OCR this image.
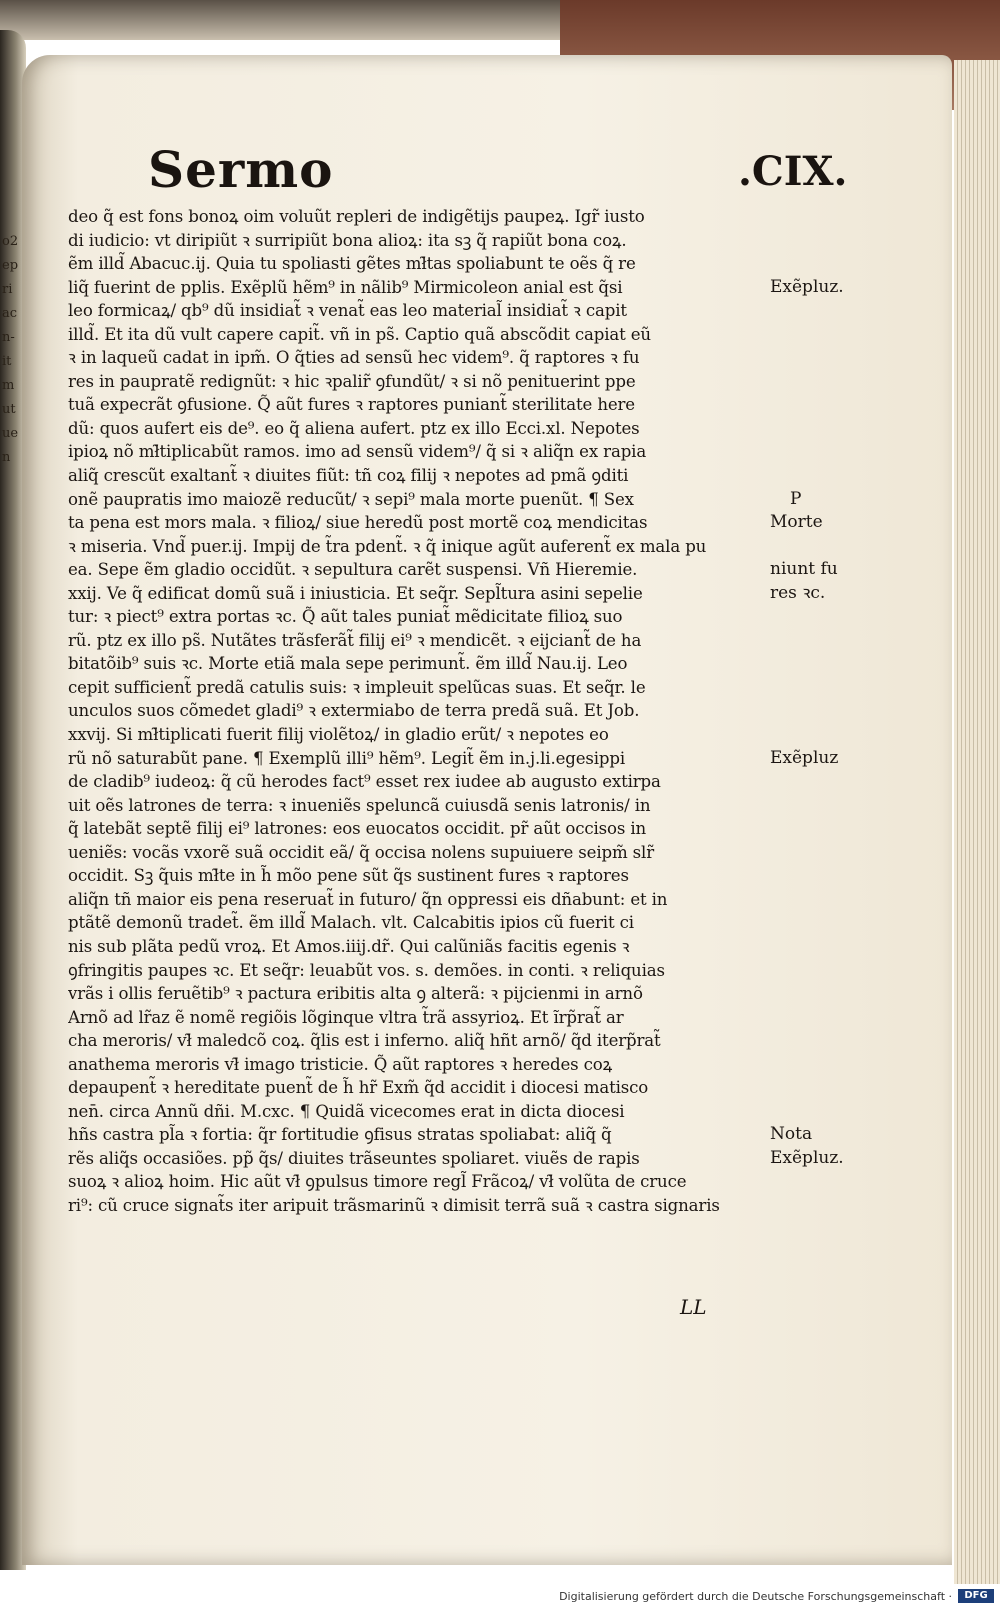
o2
ep
ri
ac
n-
it
m
ut
ue
n
Sermo	.CIX.
deo q̃ est fons bonoꝝ oim voluũt repleri de indigẽtijs paupeꝝ. Igr̃ iusto
di iudicio: vt diripiũt ꝛ surripiũt bona alioꝝ: ita sꝫ q̃ rapiũt bona coꝝ.
ẽm illd̃ Abacuc.ij. Quia tu spoliasti gẽtes mł̃tas spoliabunt te oẽs q̃ re
liq̃ fuerint de pplis. Exẽplũ hẽm⁹ in nãlib⁹ Mirmicoleon anial est q̃si
leo formicaꝝ/ qb⁹ dũ insidiat̃ ꝛ venat̃ eas leo material̃ insidiat̃ ꝛ capit
illd̃. Et ita dũ vult capere capit̃. vñ in ps̃. Captio quã abscõdit capiat eũ
ꝛ in laqueũ cadat in ipm̃. O q̃ties ad sensũ hec videm⁹. q̃ raptores ꝛ fu
res in paupratẽ redignũt: ꝛ hic ꝛpalir̃ ꝯfundũt/ ꝛ si nõ penituerint ppe
tuã expecrãt ꝯfusione. Q̃ aũt fures ꝛ raptores puniant̃ sterilitate here
dũ: quos aufert eis de⁹. eo q̃ aliena aufert. ptz ex illo Ecci.xl. Nepotes
ipioꝝ nõ mł̃tiplicabũt ramos. imo ad sensũ videm⁹/ q̃ si ꝛ aliq̃n ex rapia
aliq̃ crescũt exaltant̃ ꝛ diuites fiũt: tñ coꝝ filij ꝛ nepotes ad pmã ꝯditi
onẽ paupratis imo maiozẽ reducũt/ ꝛ sepi⁹ mala morte puenũt. ¶ Sex
ta pena est mors mala. ꝛ filioꝝ/ siue heredũ post mortẽ coꝝ mendicitas
ꝛ miseria. Vnd̃ puer.ij. Impij de t̃ra pdent̃. ꝛ q̃ inique agũt auferent̃ ex mala pu
ea. Sepe ẽm gladio occidũt. ꝛ sepultura carẽt suspensi. Vñ Hieremie.
xxij. Ve q̃ edificat domũ suã i iniusticia. Et seq̃r. Sepl̃tura asini sepelie
tur: ꝛ piect⁹ extra portas ꝛc. Q̃ aũt tales puniat̃ mẽdicitate filioꝝ suo
rũ. ptz ex illo ps̃. Nutãtes trãsferãt̃ filij ei⁹ ꝛ mendicẽt. ꝛ eijciant̃ de ha
bitatõib⁹ suis ꝛc. Morte etiã mala sepe perimunt̃. ẽm illd̃ Nau.ij. Leo
cepit sufficient̃ predã catulis suis: ꝛ impleuit spelũcas suas. Et seq̃r. le
unculos suos cõmedet gladi⁹ ꝛ extermiabo de terra predã suã. Et Job.
xxvij. Si mł̃tiplicati fuerit filij violẽtoꝝ/ in gladio erũt/ ꝛ nepotes eo
rũ nõ saturabũt pane. ¶ Exemplũ illi⁹ hẽm⁹. Legit̃ ẽm in.j.li.egesippi
de cladib⁹ iudeoꝝ: q̃ cũ herodes fact⁹ esset rex iudee ab augusto extirpa
uit oẽs latrones de terra: ꝛ inueniẽs speluncã cuiusdã senis latronis/ in
q̃ latebãt septẽ filij ei⁹ latrones: eos euocatos occidit. pr̃ aũt occisos in
ueniẽs: vocãs vxorẽ suã occidit eã/ q̃ occisa nolens supuiuere seipm̃ slr̃
occidit. Sꝫ q̃uis mł̃te in h̃ mõo pene sũt q̃s sustinent fures ꝛ raptores
aliq̃n tñ maior eis pena reseruat̃ in futuro/ q̃n oppressi eis dñabunt: et in
ptãtẽ demonũ tradet̃. ẽm illd̃ Malach. vlt. Calcabitis ipios cũ fuerit ci
nis sub plãta pedũ vroꝝ. Et Amos.iiij.dr̃. Qui calũniãs facitis egenis ꝛ
ꝯfringitis paupes ꝛc. Et seq̃r: leuabũt vos. s. demões. in conti. ꝛ reliquias
vrãs i ollis feruẽtib⁹ ꝛ pactura eribitis alta ꝯ alterã: ꝛ pijcienmi in arnõ
Arnõ ad lr̃az ẽ nomẽ regiõis lõginque vltra t̃rã assyrioꝝ. Et ĩrp̃rat̃ ar
cha meroris/ vł̃ maledcõ coꝝ. q̃lis est i inferno. aliq̃ hñt arnõ/ q̃d iterp̃rat̃
anathema meroris vł̃ imago tristicie. Q̃ aũt raptores ꝛ heredes coꝝ
depaupent̃ ꝛ hereditate puent̃ de h̃ hr̃ Exm̃ q̃d accidit i diocesi matisco
nen̄. circa Annũ dñi. M.cxc. ¶ Quidã vicecomes erat in dicta diocesi
hñs castra pl̃a ꝛ fortia: q̃r fortitudie ꝯfisus stratas spoliabat: aliq̃ q̃
rẽs aliq̃s occasiões. pp̃ q̃s/ diuites trãseuntes spoliaret. viuẽs de rapis
suoꝝ ꝛ alioꝝ hoim. Hic aũt vł̃ ꝯpulsus timore regl̃ Frãcoꝝ/ vł̃ volũta de cruce
ri⁹: cũ cruce signat̃s iter aripuit trãsmarinũ ꝛ dimisit terrã suã ꝛ castra signaris
Exẽpluz.
P
Morte
niunt fu
res ꝛc.
Exẽpluz
Nota
Exẽpluz.
LL
Digitalisierung gefördert durch die Deutsche Forschungsgemeinschaft ·	DFG
